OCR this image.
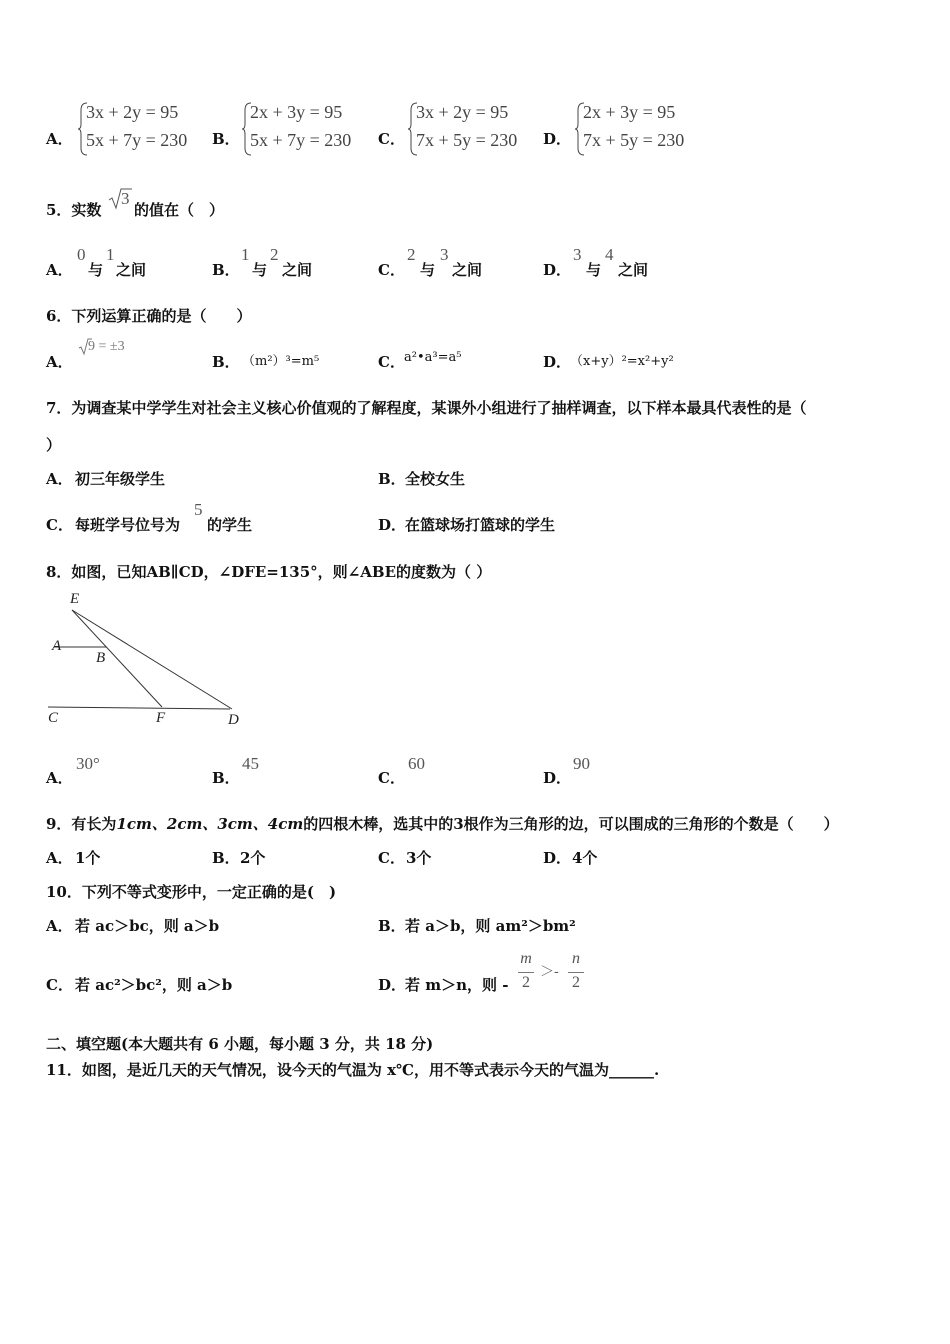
A．
3x + 2y = 95
5x + 7y = 230 B．
2x + 3y = 95
5x + 7y = 230 C．
3x + 2y = 95
7x + 5y = 230 D．
2x + 3y = 95
7x + 5y = 230
5．实数
3
的值在（　）
A．
0
与
1
之间	B．
1
与
2
之间	C．
2
与
3
之间	D．
3
与
4
之间
6．下列运算正确的是（　　）
A．
9 = ±3
B． （m²）³=m⁵	C． a²•a³=a⁵	D．
（x+y）²=x²+y²
7．为调查某中学学生对社会主义核心价值观的了解程度，某课外小组进行了抽样调查，以下样本最具代表性的是（
）
A． 初三年级学生	B． 全校女生
C． 每班学号位号为
5
的学生	D．
在篮球场打篮球的学生
8．如图，已知AB∥CD，∠DFE=135°，则∠ABE的度数为（ ）
E
A
B
C	F	D
A．
30°
B．
45
C．
60
D．
90
9．有长为1cm、2cm、3cm、4cm的四根木棒，选其中的3根作为三角形的边，可以围成的三角形的个数是（　　）
A． 1个	B． 2个	C． 3个	D． 4个
10．下列不等式变形中，一定正确的是(　)
A． 若 ac＞bc，则 a＞b	B． 若 a＞b，则 am²＞bm²
C． 若 ac²＞bc²，则 a＞b	D．
若 m＞n，则 -
m
2
＞-
n
2
二、填空题(本大题共有 6 小题，每小题 3 分，共 18 分)
11．如图，是近几天的天气情况，设今天的气温为 x℃，用不等式表示今天的气温为______.
